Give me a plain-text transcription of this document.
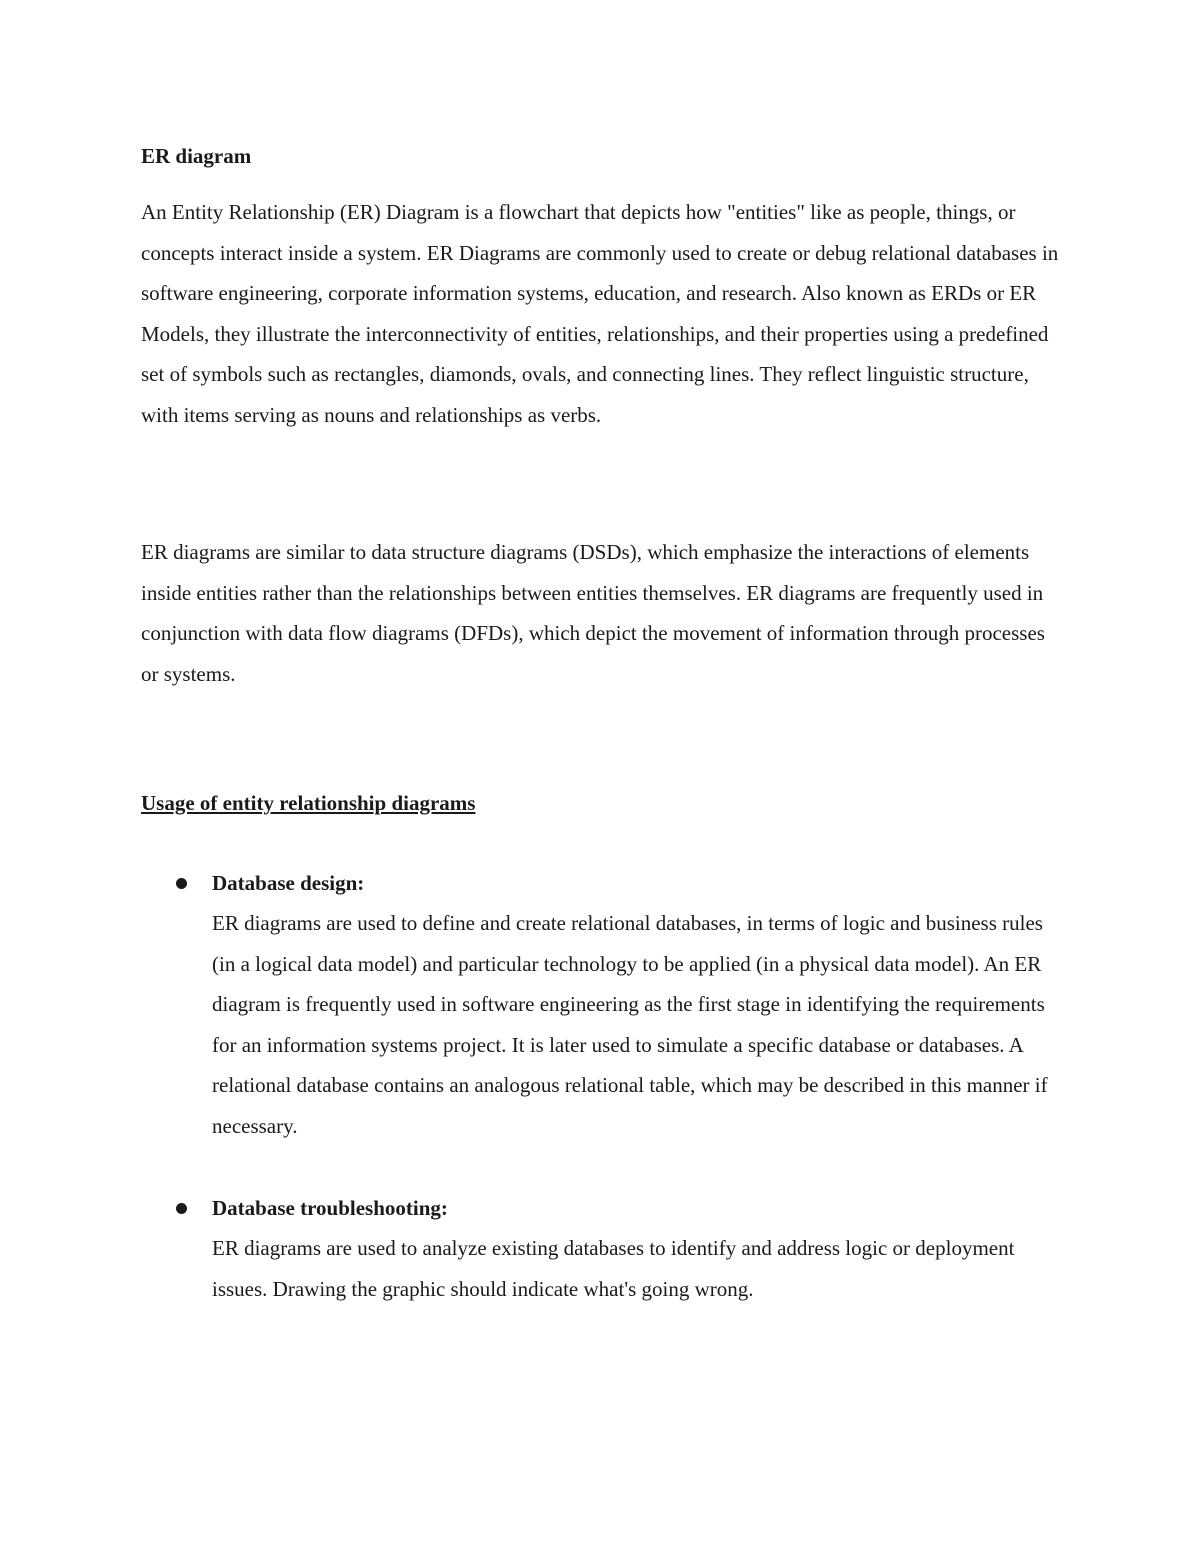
ER diagram

An Entity Relationship (ER) Diagram is a flowchart that depicts how "entities" like as people, things, or concepts interact inside a system. ER Diagrams are commonly used to create or debug relational databases in software engineering, corporate information systems, education, and research. Also known as ERDs or ER Models, they illustrate the interconnectivity of entities, relationships, and their properties using a predefined set of symbols such as rectangles, diamonds, ovals, and connecting lines. They reflect linguistic structure, with items serving as nouns and relationships as verbs.

ER diagrams are similar to data structure diagrams (DSDs), which emphasize the interactions of elements inside entities rather than the relationships between entities themselves. ER diagrams are frequently used in conjunction with data flow diagrams (DFDs), which depict the movement of information through processes or systems.

Usage of entity relationship diagrams

Database design:

ER diagrams are used to define and create relational databases, in terms of logic and business rules (in a logical data model) and particular technology to be applied (in a physical data model). An ER diagram is frequently used in software engineering as the first stage in identifying the requirements for an information systems project. It is later used to simulate a specific database or databases. A relational database contains an analogous relational table, which may be described in this manner if necessary.

Database troubleshooting:

ER diagrams are used to analyze existing databases to identify and address logic or deployment issues. Drawing the graphic should indicate what's going wrong.
